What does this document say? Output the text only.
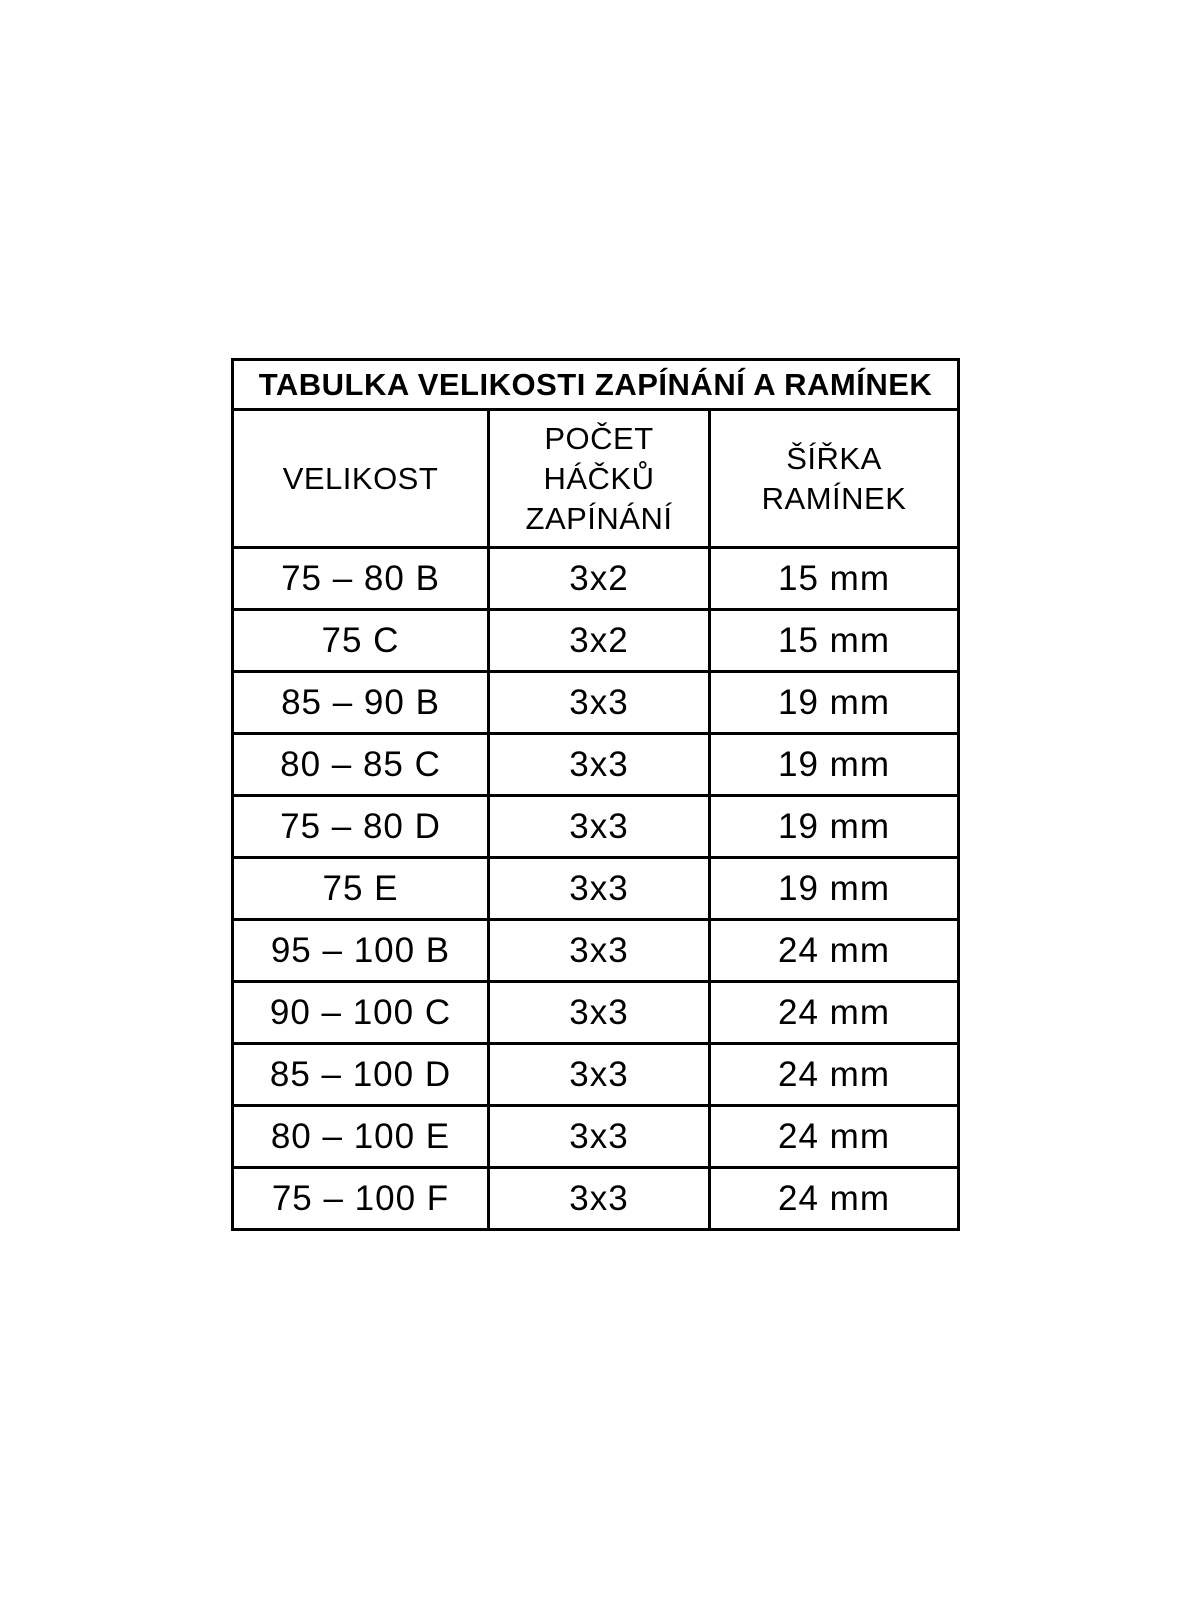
TABULKA VELIKOSTI ZAPÍNÁNÍ A RAMÍNEK		
VELIKOST	POČET HÁČKŮ ZAPÍNÁNÍ	ŠÍŘKA RAMÍNEK
75 – 80 B	3x2	15 mm
75 C	3x2	15 mm
85 – 90 B	3x3	19 mm
80 – 85 C	3x3	19 mm
75 – 80 D	3x3	19 mm
75 E	3x3	19 mm
95 – 100 B	3x3	24 mm
90 – 100 C	3x3	24 mm
85 – 100 D	3x3	24 mm
80 – 100 E	3x3	24 mm
75 – 100 F	3x3	24 mm
